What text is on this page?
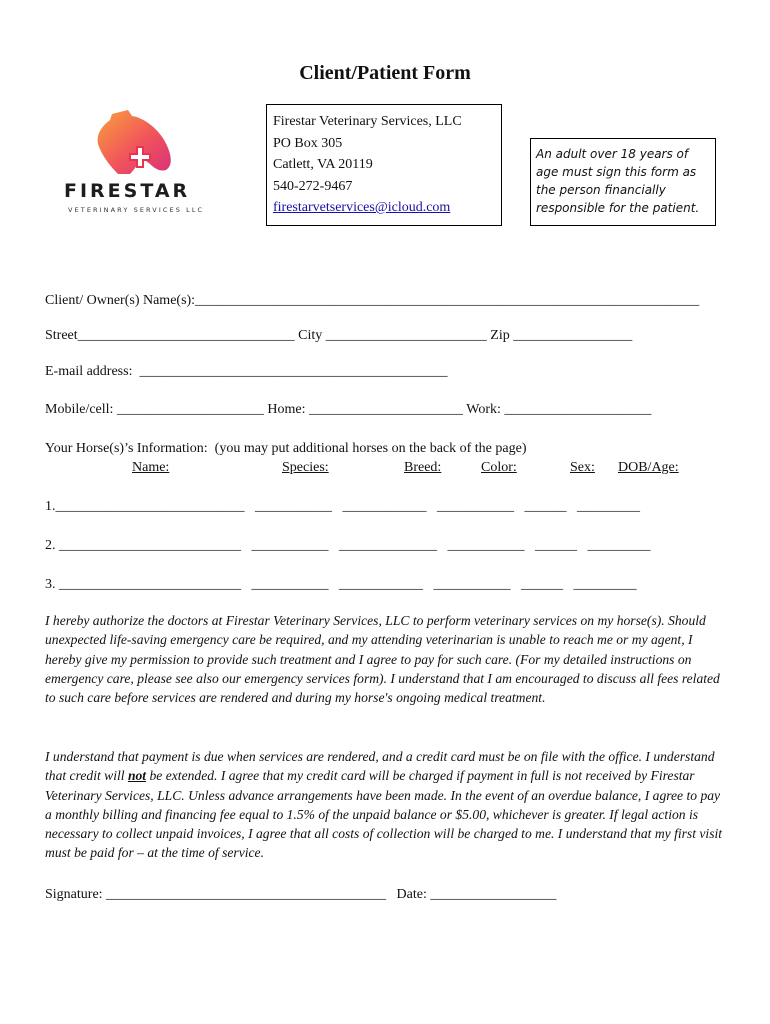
Client/Patient Form
FIRESTAR
VETERINARY SERVICES LLC
Firestar Veterinary Services, LLC
PO Box 305
Catlett, VA 20119
540-272-9467
firestarvetservices@icloud.com
An adult over 18 years of age must sign this form as the person financially responsible for the patient.
Client/ Owner(s) Name(s):________________________________________________________________________
Street_______________________________ City _______________________ Zip _________________
E-mail address:  ____________________________________________
Mobile/cell: _____________________ Home: ______________________ Work: _____________________
Your Horse(s)’s Information:  (you may put additional horses on the back of the page)
Name:	Species:	Breed:	Color:	Sex: DOB/Age:
1.___________________________   ___________   ____________   ___________   ______   _________
2. __________________________   ___________   ______________   ___________   ______   _________
3. __________________________   ___________   ____________   ___________   ______   _________
I hereby authorize the doctors at Firestar Veterinary Services, LLC to perform veterinary services on my horse(s). Should unexpected life-saving emergency care be required, and my attending veterinarian is unable to reach me or my agent, I hereby give my permission to provide such treatment and I agree to pay for such care. (For my detailed instructions on emergency care, please see also our emergency services form). I understand that I am encouraged to discuss all fees related to such care before services are rendered and during my horse's ongoing medical treatment.
I understand that payment is due when services are rendered, and a credit card must be on file with the office. I understand that credit will not be extended. I agree that my credit card will be charged if payment in full is not received by Firestar Veterinary Services, LLC. Unless advance arrangements have been made. In the event of an overdue balance, I agree to pay a monthly billing and financing fee equal to 1.5% of the unpaid balance or $5.00, whichever is greater. If legal action is necessary to collect unpaid invoices, I agree that all costs of collection will be charged to me. I understand that my first visit must be paid for – at the time of service.
Signature: ________________________________________   Date: __________________
